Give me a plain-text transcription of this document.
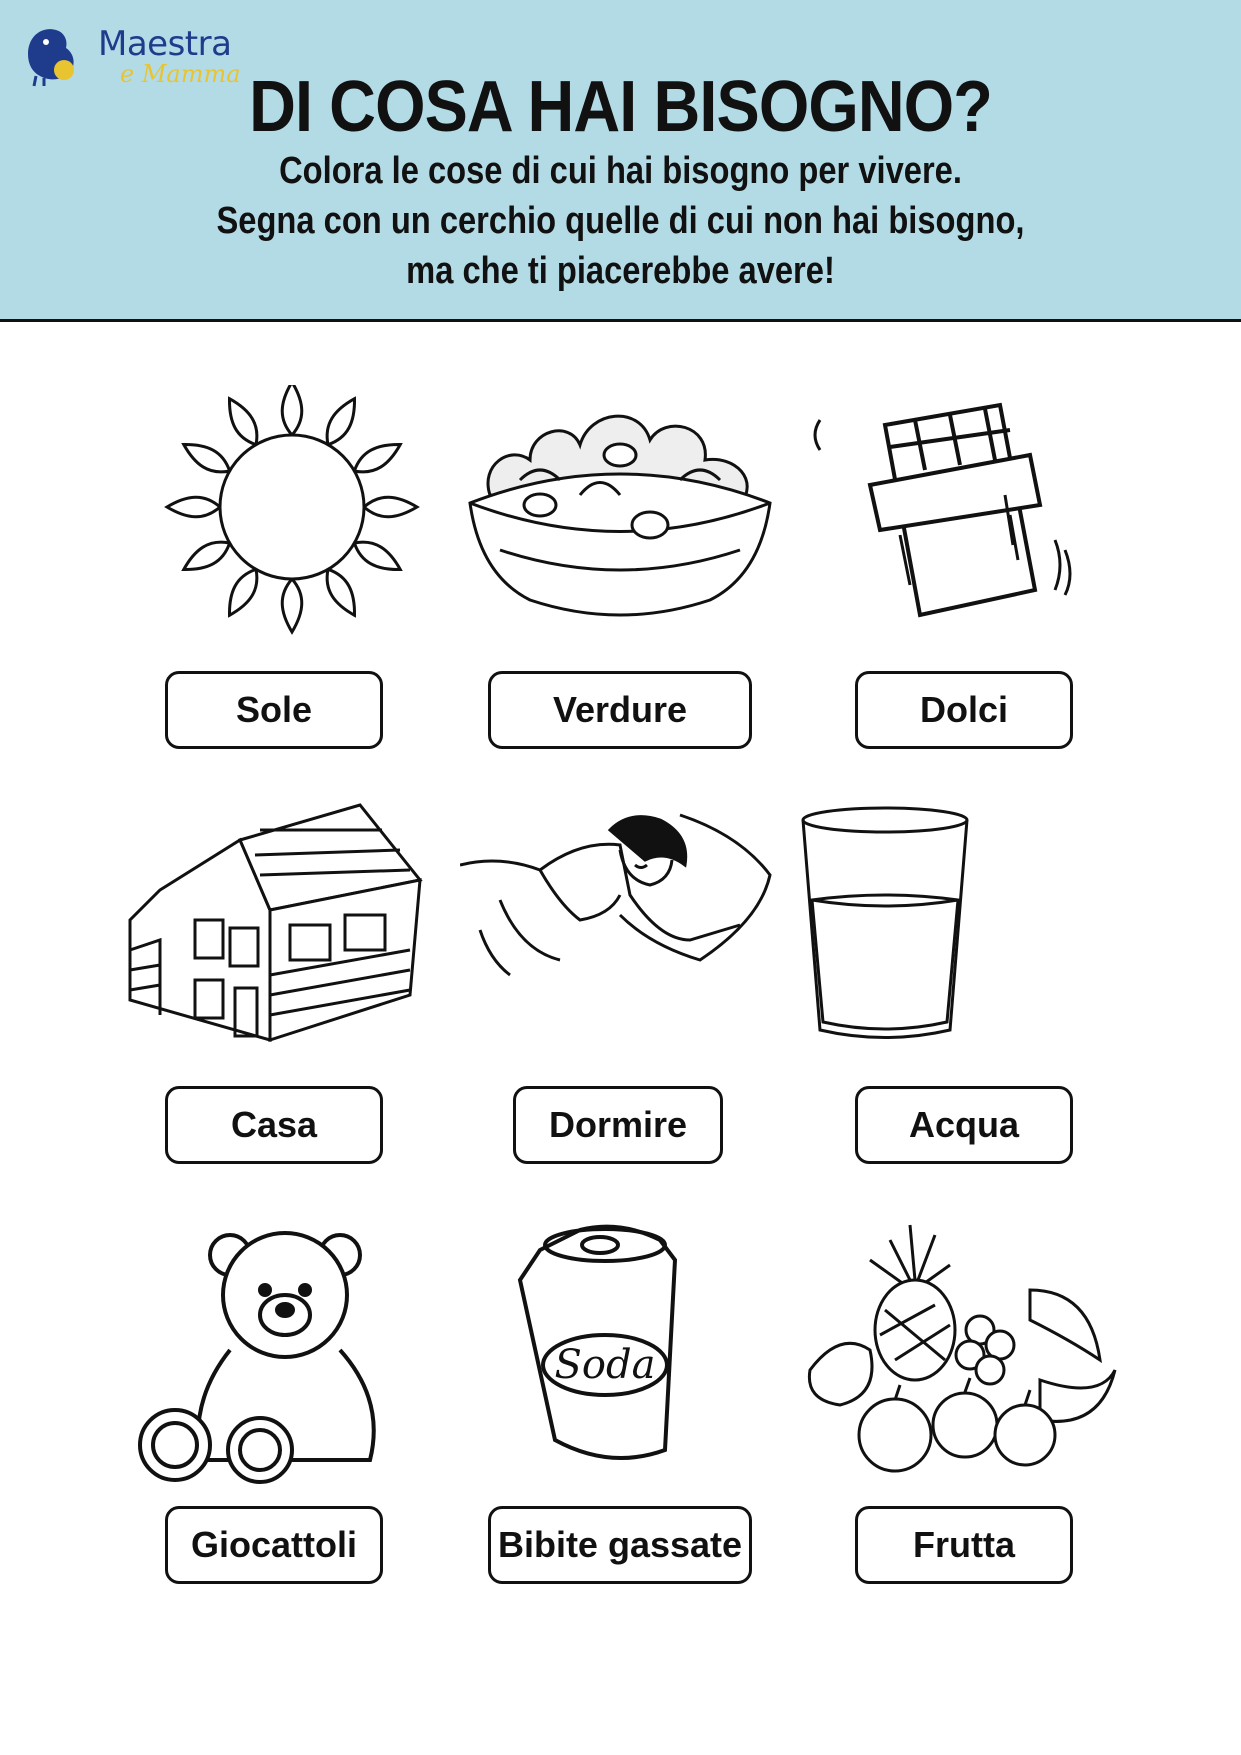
Maestra
e Mamma DI COSA HAI BISOGNO?
Colora le cose di cui hai bisogno per vivere.
Segna con un cerchio quelle di cui non hai bisogno,
ma che ti piacerebbe avere!
Sole	Verdure	Dolci
Casa	Dormire	Acqua
Giocattoli
Soda
Bibite gassate	Frutta
